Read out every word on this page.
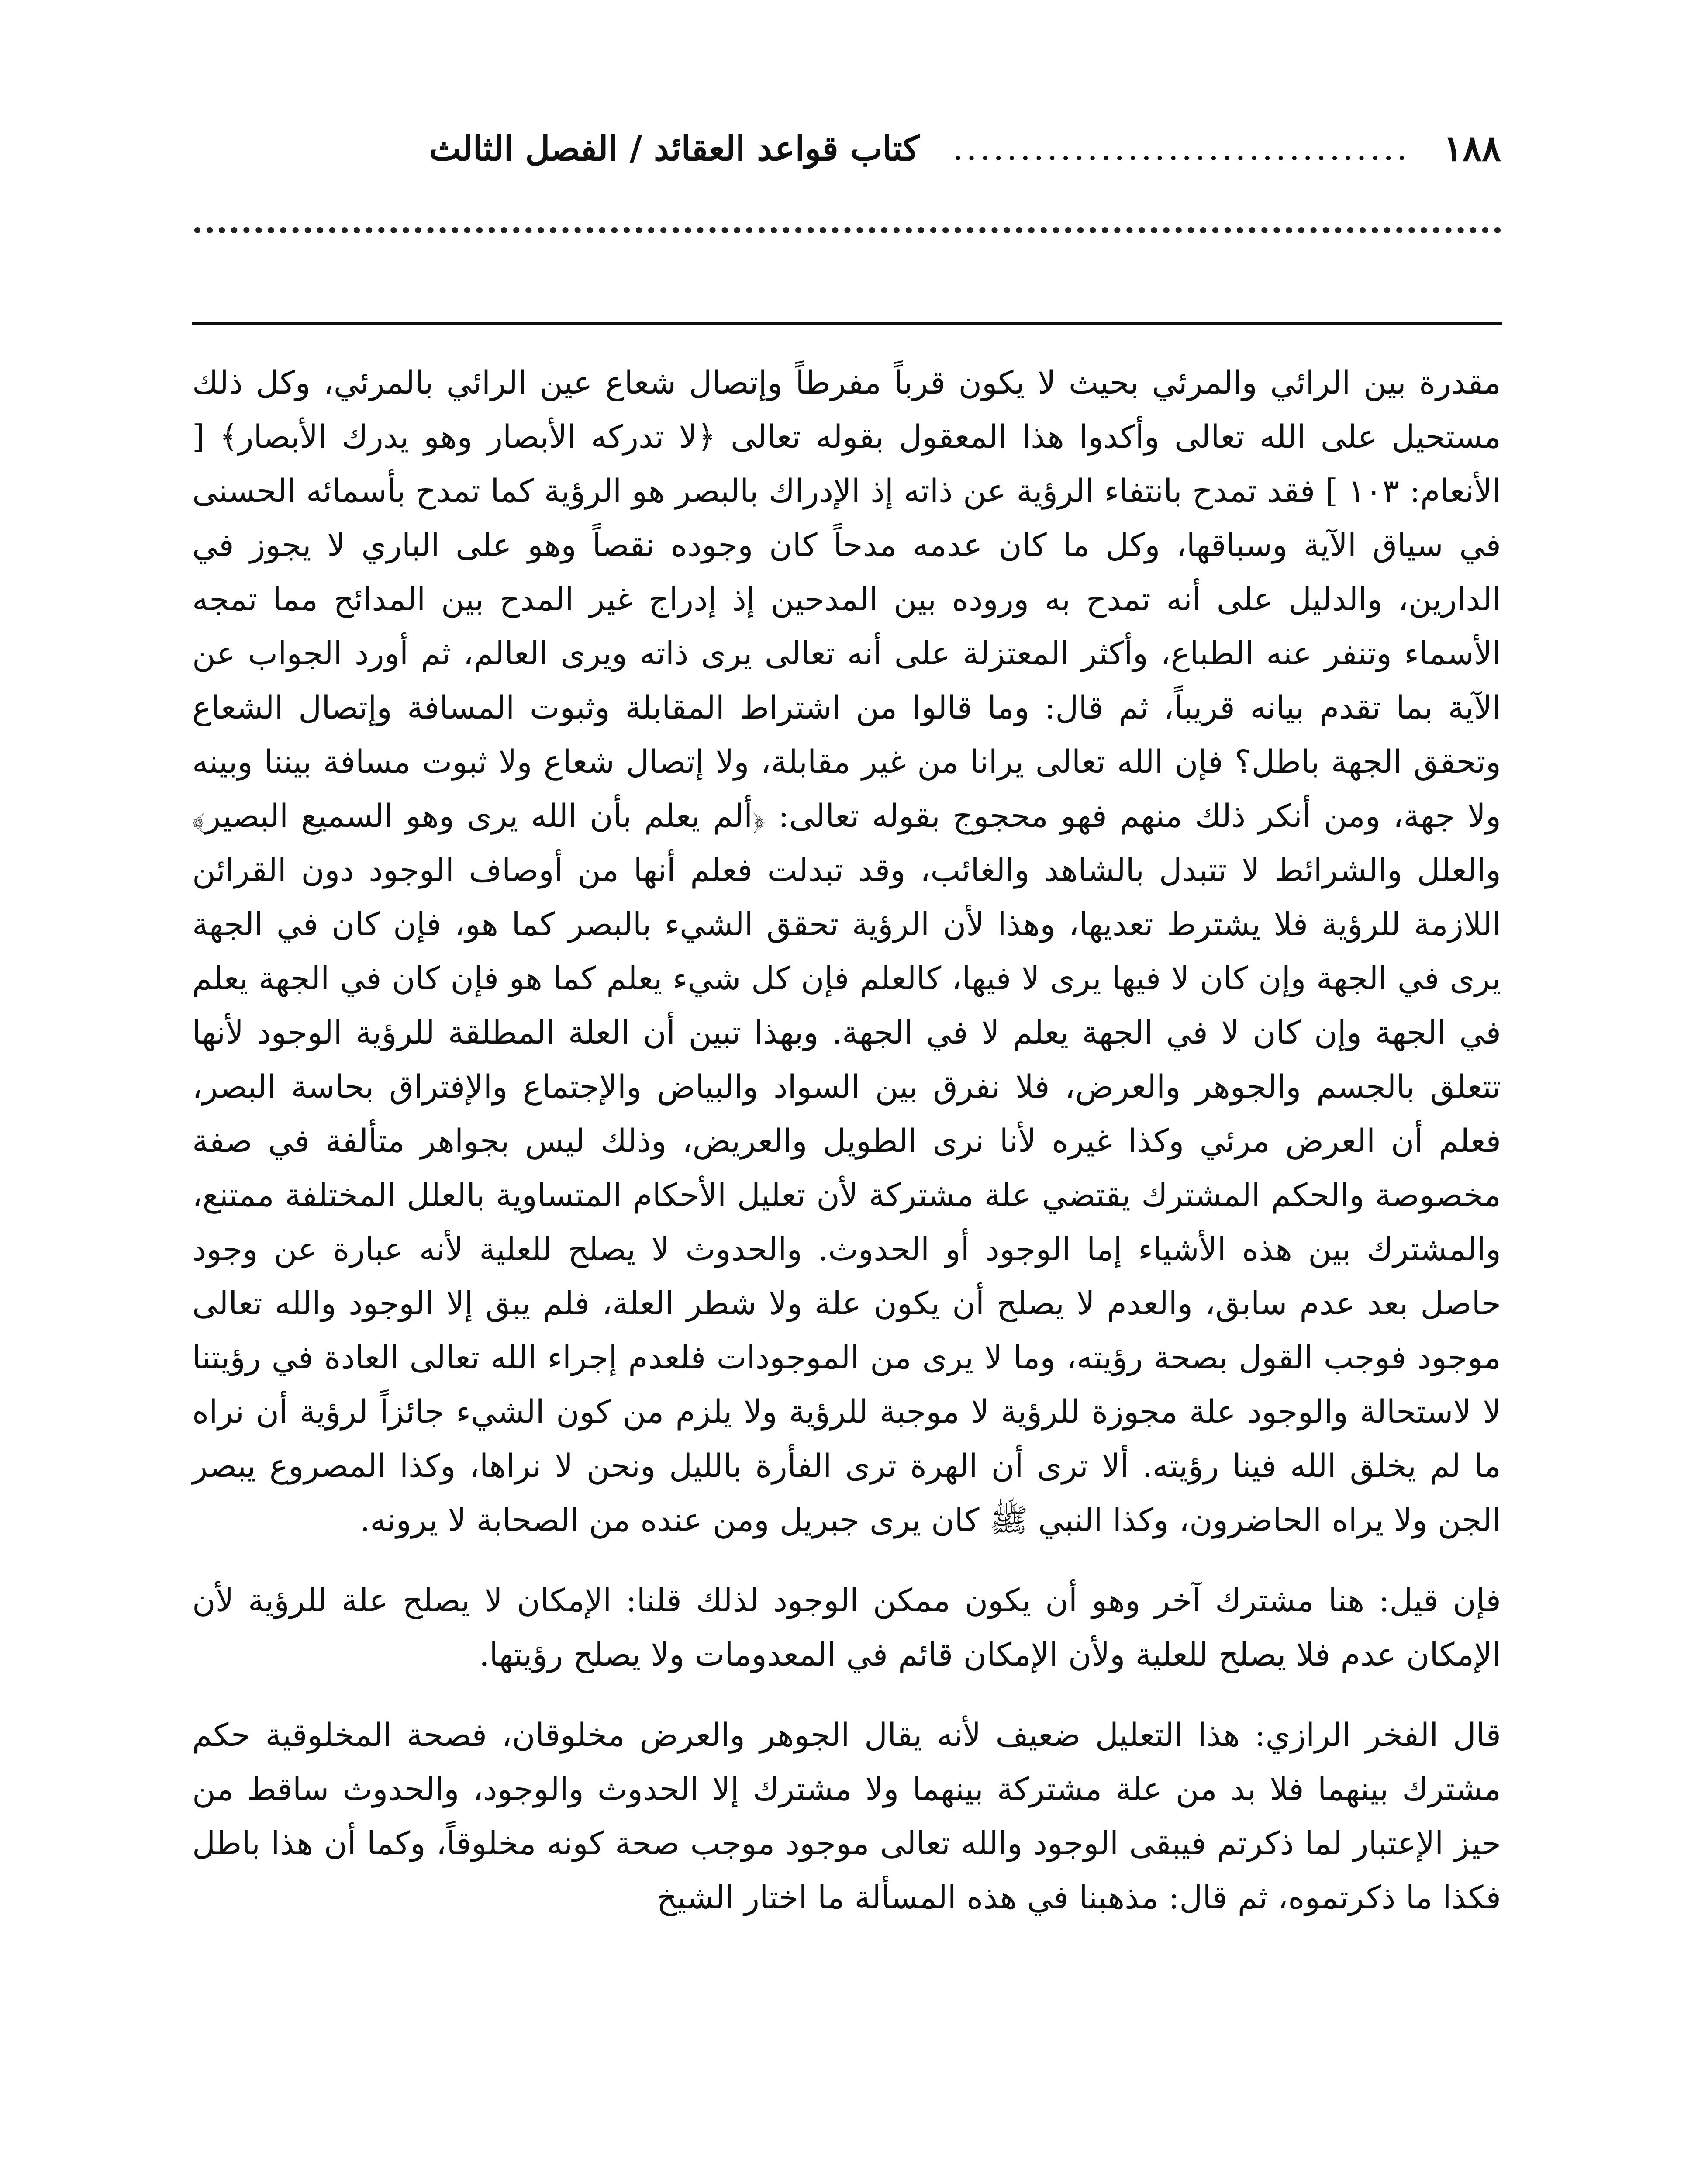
١٨٨
..................................
كتاب قواعد العقائد / الفصل الثالث

مقدرة بين الرائي والمرئي بحيث لا يكون قرباً مفرطاً وإتصال شعاع عين الرائي بالمرئي، وكل ذلك مستحيل على الله تعالى وأكدوا هذا المعقول بقوله تعالى ﴿لا تدركه الأبصار وهو يدرك الأبصار﴾ [ الأنعام: ١٠٣ ] فقد تمدح بانتفاء الرؤية عن ذاته إذ الإدراك بالبصر هو الرؤية كما تمدح بأسمائه الحسنى في سياق الآية وسباقها، وكل ما كان عدمه مدحاً كان وجوده نقصاً وهو على الباري لا يجوز في الدارين، والدليل على أنه تمدح به وروده بين المدحين إذ إدراج غير المدح بين المدائح مما تمجه الأسماء وتنفر عنه الطباع، وأكثر المعتزلة على أنه تعالى يرى ذاته ويرى العالم، ثم أورد الجواب عن الآية بما تقدم بيانه قريباً، ثم قال: وما قالوا من اشتراط المقابلة وثبوت المسافة وإتصال الشعاع وتحقق الجهة باطل؟ فإن الله تعالى يرانا من غير مقابلة، ولا إتصال شعاع ولا ثبوت مسافة بيننا وبينه ولا جهة، ومن أنكر ذلك منهم فهو محجوج بقوله تعالى: ﴿ألم يعلم بأن الله يرى وهو السميع البصير﴾ والعلل والشرائط لا تتبدل بالشاهد والغائب، وقد تبدلت فعلم أنها من أوصاف الوجود دون القرائن اللازمة للرؤية فلا يشترط تعديها، وهذا لأن الرؤية تحقق الشيء بالبصر كما هو، فإن كان في الجهة يرى في الجهة وإن كان لا فيها يرى لا فيها، كالعلم فإن كل شيء يعلم كما هو فإن كان في الجهة يعلم في الجهة وإن كان لا في الجهة يعلم لا في الجهة. وبهذا تبين أن العلة المطلقة للرؤية الوجود لأنها تتعلق بالجسم والجوهر والعرض، فلا نفرق بين السواد والبياض والإجتماع والإفتراق بحاسة البصر، فعلم أن العرض مرئي وكذا غيره لأنا نرى الطويل والعريض، وذلك ليس بجواهر متألفة في صفة مخصوصة والحكم المشترك يقتضي علة مشتركة لأن تعليل الأحكام المتساوية بالعلل المختلفة ممتنع، والمشترك بين هذه الأشياء إما الوجود أو الحدوث. والحدوث لا يصلح للعلية لأنه عبارة عن وجود حاصل بعد عدم سابق، والعدم لا يصلح أن يكون علة ولا شطر العلة، فلم يبق إلا الوجود والله تعالى موجود فوجب القول بصحة رؤيته، وما لا يرى من الموجودات فلعدم إجراء الله تعالى العادة في رؤيتنا لا لاستحالة والوجود علة مجوزة للرؤية لا موجبة للرؤية ولا يلزم من كون الشيء جائزاً لرؤية أن نراه ما لم يخلق الله فينا رؤيته. ألا ترى أن الهرة ترى الفأرة بالليل ونحن لا نراها، وكذا المصروع يبصر الجن ولا يراه الحاضرون، وكذا النبي ﷺ كان يرى جبريل ومن عنده من الصحابة لا يرونه.

فإن قيل: هنا مشترك آخر وهو أن يكون ممكن الوجود لذلك قلنا: الإمكان لا يصلح علة للرؤية لأن الإمكان عدم فلا يصلح للعلية ولأن الإمكان قائم في المعدومات ولا يصلح رؤيتها.

قال الفخر الرازي: هذا التعليل ضعيف لأنه يقال الجوهر والعرض مخلوقان، فصحة المخلوقية حكم مشترك بينهما فلا بد من علة مشتركة بينهما ولا مشترك إلا الحدوث والوجود، والحدوث ساقط من حيز الإعتبار لما ذكرتم فيبقى الوجود والله تعالى موجود موجب صحة كونه مخلوقاً، وكما أن هذا باطل فكذا ما ذكرتموه، ثم قال: مذهبنا في هذه المسألة ما اختار الشيخ
